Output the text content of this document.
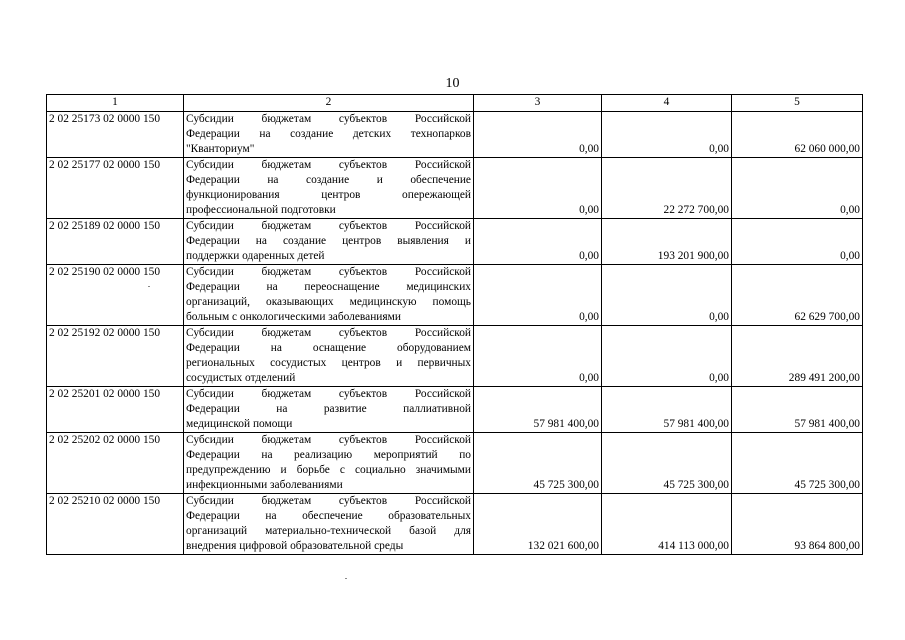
10
1	2	3	4	5
2 02 25173 02 0000 150	Субсидии бюджетам субъектов Российской
Федерации на создание детских технопарков
"Кванториум"	0,00	0,00	62 060 000,00
2 02 25177 02 0000 150	Субсидии бюджетам субъектов Российской
Федерации на создание и обеспечение
функционирования центров опережающей
профессиональной подготовки	0,00	22 272 700,00	0,00
2 02 25189 02 0000 150	Субсидии бюджетам субъектов Российской
Федерации на создание центров выявления и
поддержки одаренных детей	0,00	193 201 900,00	0,00
2 02 25190 02 0000 150	Субсидии бюджетам субъектов Российской
Федерации на переоснащение медицинских
организаций, оказывающих медицинскую помощь
больным с онкологическими заболеваниями	0,00	0,00	62 629 700,00
2 02 25192 02 0000 150	Субсидии бюджетам субъектов Российской
Федерации на оснащение оборудованием
региональных сосудистых центров и первичных
сосудистых отделений	0,00	0,00	289 491 200,00
2 02 25201 02 0000 150	Субсидии бюджетам субъектов Российской
Федерации на развитие паллиативной
медицинской помощи	57 981 400,00	57 981 400,00	57 981 400,00
2 02 25202 02 0000 150	Субсидии бюджетам субъектов Российской
Федерации на реализацию мероприятий по
предупреждению и борьбе с социально значимыми
инфекционными заболеваниями	45 725 300,00	45 725 300,00	45 725 300,00
2 02 25210 02 0000 150	Субсидии бюджетам субъектов Российской
Федерации на обеспечение образовательных
организаций материально-технической базой для
внедрения цифровой образовательной среды	132 021 600,00	414 113 000,00	93 864 800,00
